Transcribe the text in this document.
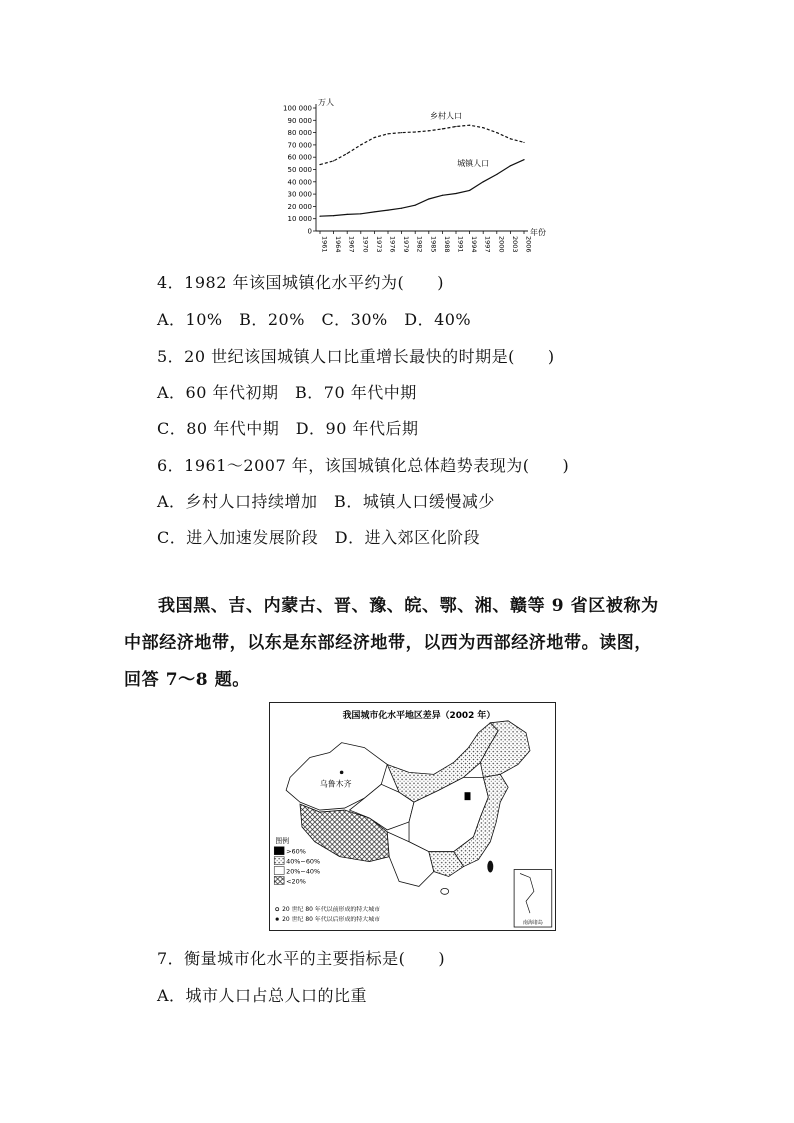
0
10 000
20 000
30 000
40 000
50 000
60 000
70 000
80 000
90 000
100 000
万人
1961 1964 1967 1970 1973 1976 1979 1982 1985 1988 1991 1994 1997 2000 2003 2006
年份
乡村人口
城镇人口
4．1982 年该国城镇化水平约为(　　)
A．10%　B．20%　C．30%　D．40%
5．20 世纪该国城镇人口比重增长最快的时期是(　　)
A．60 年代初期　B．70 年代中期
C．80 年代中期　D．90 年代后期
6．1961～2007 年，该国城镇化总体趋势表现为(　　)
A．乡村人口持续增加　B．城镇人口缓慢减少
C．进入加速发展阶段　D．进入郊区化阶段
我国黑、吉、内蒙古、晋、豫、皖、鄂、湘、赣等 9 省区被称为
中部经济地带，以东是东部经济地带，以西为西部经济地带。读图，
回答 7～8 题。
我国城市化水平地区差异（2002 年）
乌鲁木齐
图例
>60%
40%~60%
20%~40%
<20%
20 世纪 80 年代以前形成的特大城市
20 世纪 80 年代以后形成的特大城市	南海诸岛
7．衡量城市化水平的主要指标是(　　)
A．城市人口占总人口的比重
